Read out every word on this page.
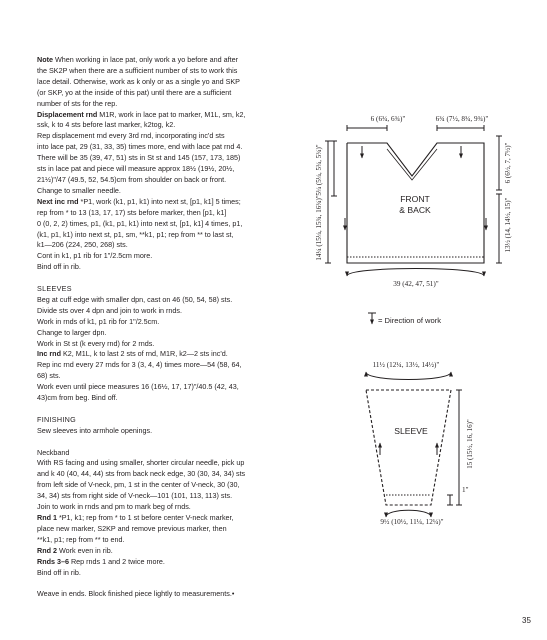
Note When working in lace pat, only work a yo before and after

the SK2P when there are a sufficient number of sts to work this

lace detail. Otherwise, work as k only or as a single yo and SKP

(or SKP, yo at the inside of this pat) until there are a sufficient

number of sts for the rep.

Displacement rnd M1R, work in lace pat to marker, M1L, sm, k2,

ssk, k to 4 sts before last marker, k2tog, k2.

Rep displacement rnd every 3rd rnd, incorporating inc'd sts

into lace pat, 29 (31, 33, 35) times more, end with lace pat rnd 4.

There will be 35 (39, 47, 51) sts in St st and 145 (157, 173, 185)

sts in lace pat and piece will measure approx 18½ (19½, 20½,

21½)"/47 (49.5, 52, 54.5)cm from shoulder on back or front.

Change to smaller needle.

Next inc rnd *P1, work (k1, p1, k1) into next st, [p1, k1] 5 times;

rep from * to 13 (13, 17, 17) sts before marker, then [p1, k1]

0 (0, 2, 2) times, p1, (k1, p1, k1) into next st, [p1, k1] 4 times, p1,

(k1, p1, k1) into next st, p1, sm, **k1, p1; rep from ** to last st,

k1—206 (224, 250, 268) sts.

Cont in k1, p1 rib for 1"/2.5cm more.

Bind off in rib.

SLEEVES

Beg at cuff edge with smaller dpn, cast on 46 (50, 54, 58) sts.

Divide sts over 4 dpn and join to work in rnds.

Work in rnds of k1, p1 rib for 1"/2.5cm.

Change to larger dpn.

Work in St st (k every rnd) for 2 rnds.

Inc rnd K2, M1L, k to last 2 sts of rnd, M1R, k2—2 sts inc'd.

Rep inc rnd every 27 rnds for 3 (3, 4, 4) times more—54 (58, 64,

68) sts.

Work even until piece measures 16 (16½, 17, 17)"/40.5 (42, 43,

43)cm from beg. Bind off.

FINISHING

Sew sleeves into armhole openings.

Neckband

With RS facing and using smaller, shorter circular needle, pick up

and k 40 (40, 44, 44) sts from back neck edge, 30 (30, 34, 34) sts

from left side of V-neck, pm, 1 st in the center of V-neck, 30 (30,

34, 34) sts from right side of V-neck—101 (101, 113, 113) sts.

Join to work in rnds and pm to mark beg of rnds.

Rnd 1 *P1, k1; rep from * to 1 st before center V-neck marker,

place new marker, S2KP and remove previous marker, then

**k1, p1; rep from ** to end.

Rnd 2 Work even in rib.

Rnds 3–6 Rep rnds 1 and 2 twice more.

Bind off in rib.

Weave in ends. Block finished piece lightly to measurements.•

6 (6¾, 6¾)"	6¾ (7½, 8¾, 9¾)"
5¼ (5¼, 5¾, 5¾)"
14¼ (15¼, 15¾, 16¾)"
6 (6½, 7, 7½)"
13½ (14, 14½, 15)"
FRONT
& BACK
39 (42, 47, 51)"
= Direction of work
11½ (12¼, 13½, 14½)"
SLEEVE	15 (15½, 16, 16)"
1"
9½ (10½, 11¼, 12¼)"
35
